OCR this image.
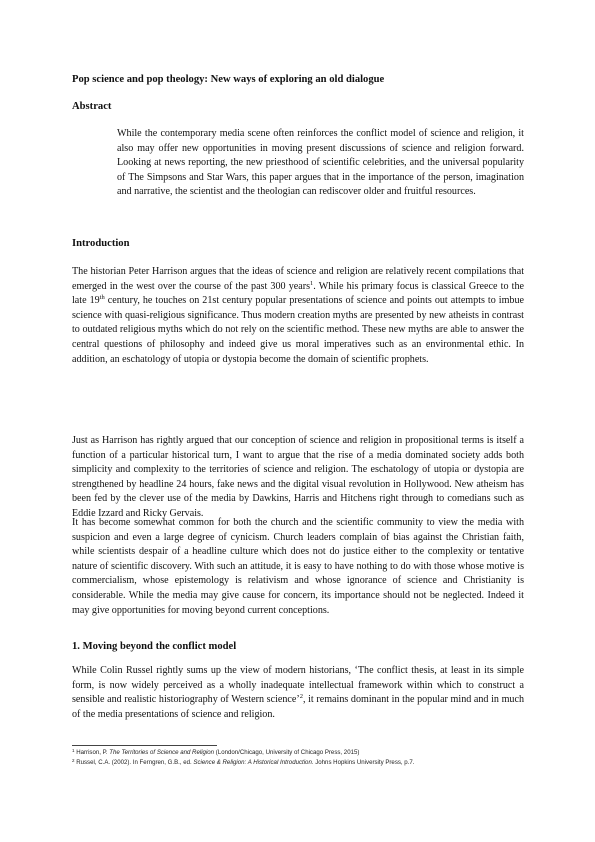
Pop science and pop theology: New ways of exploring an old dialogue
Abstract

While the contemporary media scene often reinforces the conflict model of science and religion, it also may offer new opportunities in moving present discussions of science and religion forward. Looking at news reporting, the new priesthood of scientific celebrities, and the universal popularity of The Simpsons and Star Wars, this paper argues that in the importance of the person, imagination and narrative, the scientist and the theologian can rediscover older and fruitful resources.

Introduction

The historian Peter Harrison argues that the ideas of science and religion are relatively recent compilations that emerged in the west over the course of the past 300 years$^1$. While his primary focus is classical Greece to the late 19th century, he touches on 21st century popular presentations of science and points out attempts to imbue science with quasi-religious significance. Thus modern creation myths are presented by new atheists in contrast to outdated religious myths which do not rely on the scientific method. These new myths are able to answer the central questions of philosophy and indeed give us moral imperatives such as an environmental ethic. In addition, an eschatology of utopia or dystopia become the domain of scientific prophets.

Just as Harrison has rightly argued that our conception of science and religion in propositional terms is itself a function of a particular historical turn, I want to argue that the rise of a media dominated society adds both simplicity and complexity to the territories of science and religion. The eschatology of utopia or dystopia are strengthened by headline 24 hours, fake news and the digital visual revolution in Hollywood. New atheism has been fed by the clever use of the media by Dawkins, Harris and Hitchens right through to comedians such as Eddie Izzard and Ricky Gervais.

It has become somewhat common for both the church and the scientific community to view the media with suspicion and even a large degree of cynicism. Church leaders complain of bias against the Christian faith, while scientists despair of a headline culture which does not do justice either to the complexity or tentative nature of scientific discovery. With such an attitude, it is easy to have nothing to do with those whose motive is commercialism, whose epistemology is relativism and whose ignorance of science and Christianity is considerable. While the media may give cause for concern, its importance should not be neglected. Indeed it may give opportunities for moving beyond current conceptions.

1. Moving beyond the conflict model

While Colin Russel rightly sums up the view of modern historians, ‘The conflict thesis, at least in its simple form, is now widely perceived as a wholly inadequate intellectual framework within which to construct a sensible and realistic historiography of Western science’$^2$, it remains dominant in the popular mind and in much of the media presentations of science and religion.

$^1$ Harrison, P. The Territories of Science and Religion (London/Chicago, University of Chicago Press, 2015)
$^2$ Russel, C.A. (2002). In Ferngren, G.B., ed. Science & Religion: A Historical Introduction. Johns Hopkins University Press, p.7.
